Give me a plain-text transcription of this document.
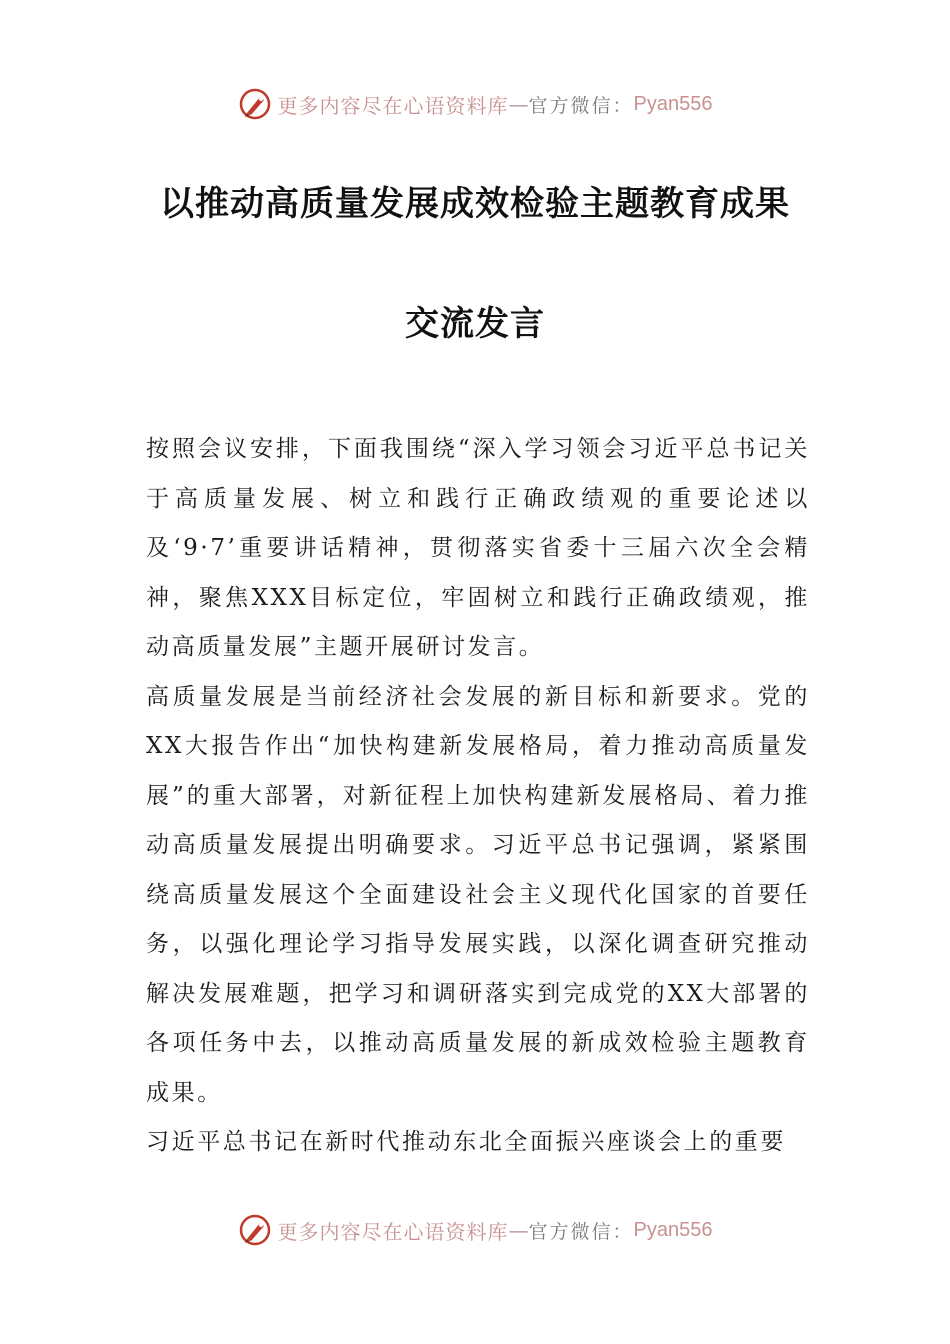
更多内容尽在心语资料库 — 官方微信： Pyan556
以推动高质量发展成效检验主题教育成果
交流发言

按照会议安排，下面我围绕“深入学习领会习近平总书记关于高质量发展、树立和践行正确政绩观的重要论述以及‘9·7’重要讲话精神，贯彻落实省委十三届六次全会精神，聚焦XXX目标定位，牢固树立和践行正确政绩观，推动高质量发展”主题开展研讨发言。

高质量发展是当前经济社会发展的新目标和新要求。党的XX大报告作出“加快构建新发展格局，着力推动高质量发展”的重大部署，对新征程上加快构建新发展格局、着力推动高质量发展提出明确要求。习近平总书记强调，紧紧围绕高质量发展这个全面建设社会主义现代化国家的首要任务，以强化理论学习指导发展实践，以深化调查研究推动解决发展难题，把学习和调研落实到完成党的XX大部署的各项任务中去，以推动高质量发展的新成效检验主题教育成果。

习近平总书记在新时代推动东北全面振兴座谈会上的重要

更多内容尽在心语资料库 — 官方微信： Pyan556
